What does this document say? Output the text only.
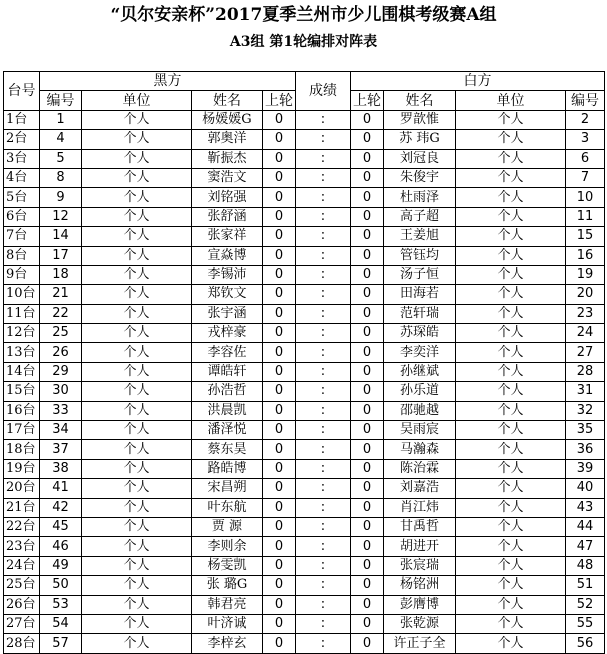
“贝尔安亲杯”2017夏季兰州市少儿围棋考级赛A组
A3组 第1轮编排对阵表
台号	黑方				成绩	白方			
	编号	单位	姓名	上轮		上轮	姓名	单位	编号
1台	1	个人	杨媛媛G	0	:	0	罗歆惟	个人	2
2台	4	个人	郭奥洋	0	:	0	苏 玮G	个人	3
3台	5	个人	靳振杰	0	:	0	刘冠良	个人	6
4台	8	个人	窦浩文	0	:	0	朱俊宇	个人	7
5台	9	个人	刘铭强	0	:	0	杜雨泽	个人	10
6台	12	个人	张舒涵	0	:	0	高子超	个人	11
7台	14	个人	张家祥	0	:	0	王姜旭	个人	15
8台	17	个人	宣焱博	0	:	0	管钰均	个人	16
9台	18	个人	李锡沛	0	:	0	汤子恒	个人	19
10台	21	个人	郑钦文	0	:	0	田海若	个人	20
11台	22	个人	张宇涵	0	:	0	范轩瑞	个人	23
12台	25	个人	戎梓豪	0	:	0	苏琛皓	个人	24
13台	26	个人	李容佐	0	:	0	李奕洋	个人	27
14台	29	个人	谭皓轩	0	:	0	孙继斌	个人	28
15台	30	个人	孙浩哲	0	:	0	孙乐道	个人	31
16台	33	个人	洪晨凯	0	:	0	邵驰越	个人	32
17台	34	个人	潘泽悦	0	:	0	吴雨宸	个人	35
18台	37	个人	蔡东昊	0	:	0	马瀚森	个人	36
19台	38	个人	路皓博	0	:	0	陈治霖	个人	39
20台	41	个人	宋昌朔	0	:	0	刘嘉浩	个人	40
21台	42	个人	叶东航	0	:	0	肖江炜	个人	43
22台	45	个人	贾 源	0	:	0	甘禹哲	个人	44
23台	46	个人	李则余	0	:	0	胡进开	个人	47
24台	49	个人	杨雯凯	0	:	0	张宸瑞	个人	48
25台	50	个人	张 璐G	0	:	0	杨铭洲	个人	51
26台	53	个人	韩君亮	0	:	0	彭膺博	个人	52
27台	54	个人	叶济诚	0	:	0	张乾源	个人	55
28台	57	个人	李梓玄	0	:	0	许正子全	个人	56
